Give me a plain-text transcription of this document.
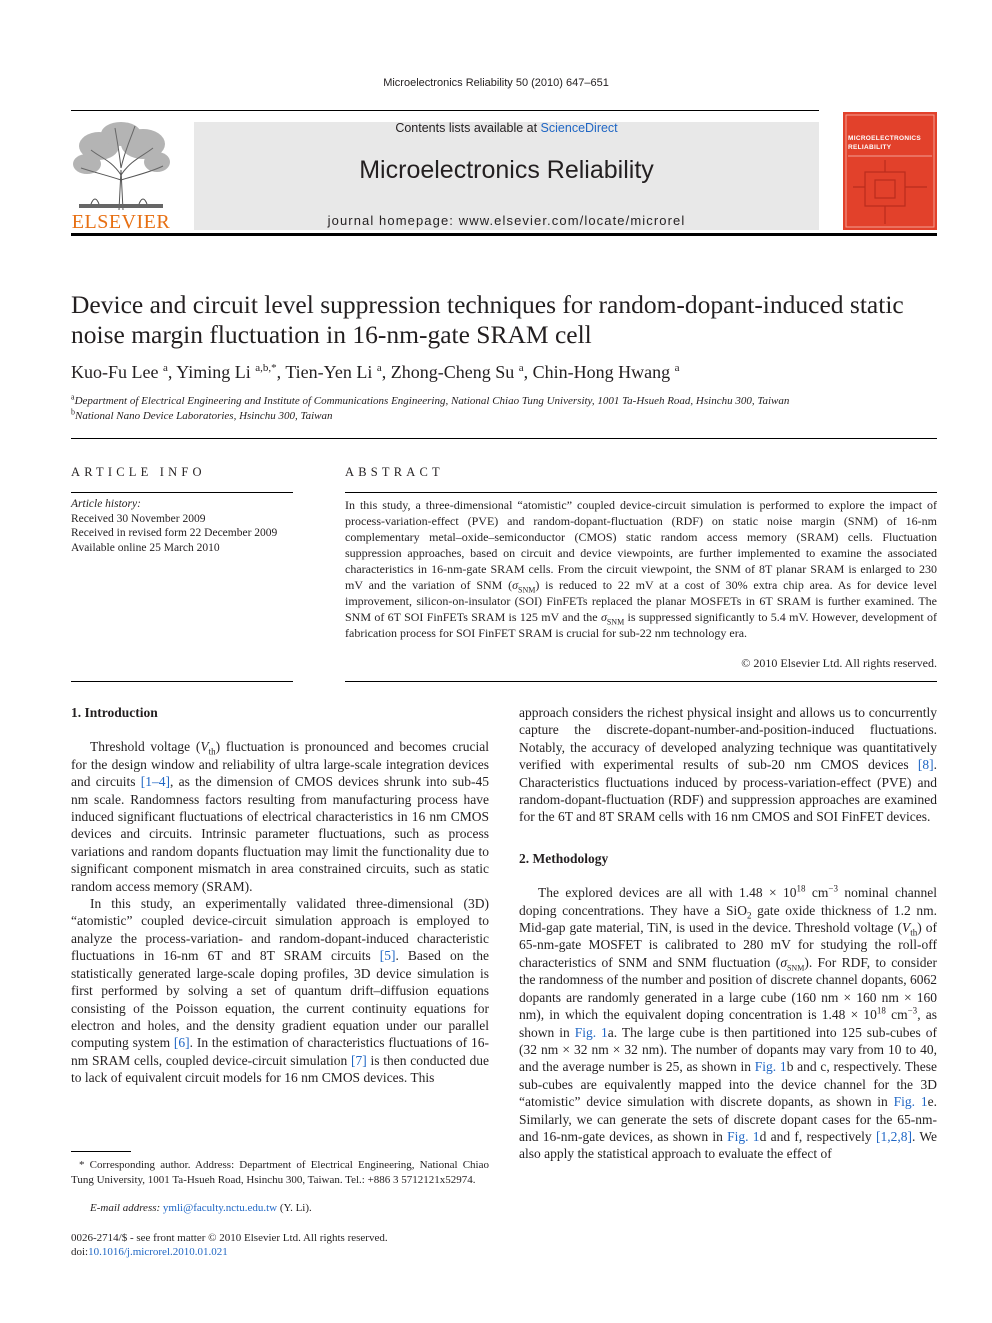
Microelectronics Reliability 50 (2010) 647–651
ELSEVIER
Contents lists available at ScienceDirect
Microelectronics Reliability
journal homepage: www.elsevier.com/locate/microrel
MICROELECTRONICS
RELIABILITY
Device and circuit level suppression techniques for random-dopant-induced static noise margin fluctuation in 16-nm-gate SRAM cell
Kuo-Fu Lee $^a$, Yiming Li $^{a,b,*}$, Tien-Yen Li $^a$, Zhong-Cheng Su $^a$, Chin-Hong Hwang $^a$
$^a$Department of Electrical Engineering and Institute of Communications Engineering, National Chiao Tung University, 1001 Ta-Hsueh Road, Hsinchu 300, Taiwan
$^b$National Nano Device Laboratories, Hsinchu 300, Taiwan
ARTICLE INFO
Article history:
Received 30 November 2009
Received in revised form 22 December 2009
Available online 25 March 2010
ABSTRACT
In this study, a three-dimensional “atomistic” coupled device-circuit simulation is performed to explore the impact of process-variation-effect (PVE) and random-dopant-fluctuation (RDF) on static noise margin (SNM) of 16-nm complementary metal–oxide–semiconductor (CMOS) static random access memory (SRAM) cells. Fluctuation suppression approaches, based on circuit and device viewpoints, are further implemented to examine the associated characteristics in 16-nm-gate SRAM cells. From the circuit viewpoint, the SNM of 8T planar SRAM is enlarged to 230 mV and the variation of SNM $(\sigma_{SNM})$ is reduced to 22 mV at a cost of 30% extra chip area. As for device level improvement, silicon-on-insulator (SOI) FinFETs replaced the planar MOSFETs in 6T SRAM is further examined. The SNM of 6T SOI FinFETs SRAM is 125 mV and the $\sigma_{SNM}$ is suppressed significantly to 5.4 mV. However, development of fabrication process for SOI FinFET SRAM is crucial for sub-22 nm technology era.
© 2010 Elsevier Ltd. All rights reserved.

1. Introduction

Threshold voltage $(V_{th})$ fluctuation is pronounced and becomes crucial for the design window and reliability of ultra large-scale integration devices and circuits [1–4], as the dimension of CMOS devices shrunk into sub-45 nm scale. Randomness factors resulting from manufacturing process have induced significant fluctuations of electrical characteristics in 16 nm CMOS devices and circuits. Intrinsic parameter fluctuations, such as process variations and random dopants fluctuation may limit the functionality due to significant component mismatch in area constrained circuits, such as static random access memory (SRAM).

In this study, an experimentally validated three-dimensional (3D) “atomistic” coupled device-circuit simulation approach is employed to analyze the process-variation- and random-dopant-induced characteristic fluctuations in 16-nm 6T and 8T SRAM circuits [5]. Based on the statistically generated large-scale doping profiles, 3D device simulation is first performed by solving a set of quantum drift–diffusion equations consisting of the Poisson equation, the current continuity equations for electron and holes, and the density gradient equation under our parallel computing system [6]. In the estimation of characteristics fluctuations of 16-nm SRAM cells, coupled device-circuit simulation [7] is then conducted due to lack of equivalent circuit models for 16 nm CMOS devices. This

approach considers the richest physical insight and allows us to concurrently capture the discrete-dopant-number-and-position-induced fluctuations. Notably, the accuracy of developed analyzing technique was quantitatively verified with experimental results of sub-20 nm CMOS devices [8]. Characteristics fluctuations induced by process-variation-effect (PVE) and random-dopant-fluctuation (RDF) and suppression approaches are examined for the 6T and 8T SRAM cells with 16 nm CMOS and SOI FinFET devices.

2. Methodology

The explored devices are all with $1.48 \times 10^{18}$ $cm^{-3}$ nominal channel doping concentrations. They have a SiO$_2$ gate oxide thickness of 1.2 nm. Mid-gap gate material, TiN, is used in the device. Threshold voltage $(V_{th})$ of 65-nm-gate MOSFET is calibrated to 280 mV for studying the roll-off characteristics of SNM and SNM fluctuation $(\sigma_{SNM})$. For RDF, to consider the randomness of the number and position of discrete channel dopants, 6062 dopants are randomly generated in a large cube (160 nm × 160 nm × 160 nm), in which the equivalent doping concentration is $1.48 \times 10^{18}$ $cm^{-3}$, as shown in Fig. 1a. The large cube is then partitioned into 125 sub-cubes of (32 nm × 32 nm × 32 nm). The number of dopants may vary from 10 to 40, and the average number is 25, as shown in Fig. 1b and c, respectively. These sub-cubes are equivalently mapped into the device channel for the 3D “atomistic” device simulation with discrete dopants, as shown in Fig. 1e. Similarly, we can generate the sets of discrete dopant cases for the 65-nm- and 16-nm-gate devices, as shown in Fig. 1d and f, respectively [1,2,8]. We also apply the statistical approach to evaluate the effect of

* Corresponding author. Address: Department of Electrical Engineering, National Chiao Tung University, 1001 Ta-Hsueh Road, Hsinchu 300, Taiwan. Tel.: +886 3 5712121x52974.
E-mail address: ymli@faculty.nctu.edu.tw (Y. Li).
0026-2714/$ - see front matter © 2010 Elsevier Ltd. All rights reserved.
doi:10.1016/j.microrel.2010.01.021
